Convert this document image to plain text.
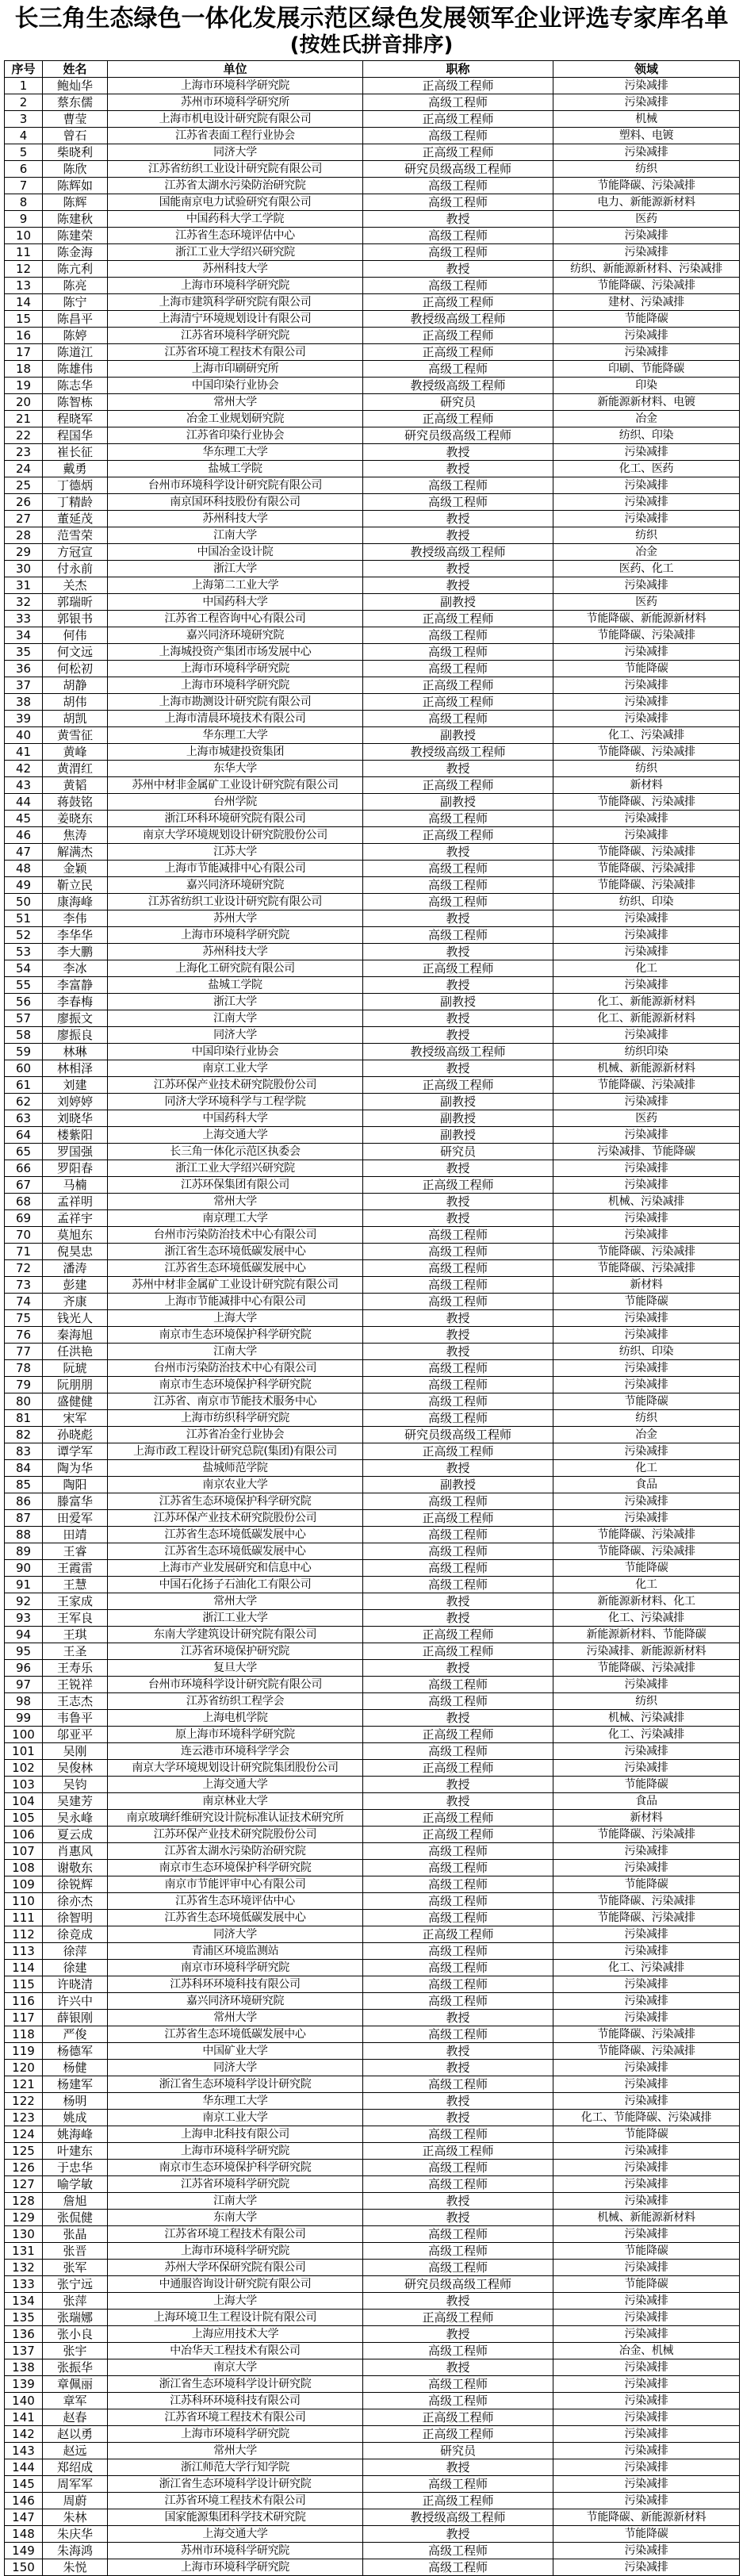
长三角生态绿色一体化发展示范区绿色发展领军企业评选专家库名单
(按姓氏拼音排序)
序号	姓名	单位	职称	领域
1	鲍灿华	上海市环境科学研究院	正高级工程师	污染减排
2	蔡东儒	苏州市环境科学研究所	高级工程师	污染减排
3	曹莹	上海市机电设计研究院有限公司	正高级工程师	机械
4	曾石	江苏省表面工程行业协会	高级工程师	塑料、电镀
5	柴晓利	同济大学	正高级工程师	污染减排
6	陈欣	江苏省纺织工业设计研究院有限公司	研究员级高级工程师	纺织
7	陈辉如	江苏省太湖水污染防治研究院	高级工程师	节能降碳、污染减排
8	陈辉	国能南京电力试验研究有限公司	高级工程师	电力、新能源新材料
9	陈建秋	中国药科大学工学院	教授	医药
10	陈建荣	江苏省生态环境评估中心	高级工程师	污染减排
11	陈金海	浙江工业大学绍兴研究院	高级工程师	污染减排
12	陈亢利	苏州科技大学	教授	纺织、新能源新材料、污染减排
13	陈亮	上海市环境科学研究院	高级工程师	节能降碳、污染减排
14	陈宁	上海市建筑科学研究院有限公司	正高级工程师	建材、污染减排
15	陈昌平	上海清宁环境规划设计有限公司	教授级高级工程师	节能降碳
16	陈婷	江苏省环境科学研究院	正高级工程师	污染减排
17	陈道江	江苏省环境工程技术有限公司	正高级工程师	污染减排
18	陈雄伟	上海市印刷研究所	高级工程师	印刷、节能降碳
19	陈志华	中国印染行业协会	教授级高级工程师	印染
20	陈智栋	常州大学	研究员	新能源新材料、电镀
21	程晓军	冶金工业规划研究院	正高级工程师	冶金
22	程国华	江苏省印染行业协会	研究员级高级工程师	纺织、印染
23	崔长征	华东理工大学	教授	污染减排
24	戴勇	盐城工学院	教授	化工、医药
25	丁德炳	台州市环境科学设计研究院有限公司	高级工程师	污染减排
26	丁精龄	南京国环科技股份有限公司	高级工程师	污染减排
27	董延茂	苏州科技大学	教授	污染减排
28	范雪荣	江南大学	教授	纺织
29	方冠宣	中国冶金设计院	教授级高级工程师	冶金
30	付永前	浙江大学	教授	医药、化工
31	关杰	上海第二工业大学	教授	污染减排
32	郭瑞昕	中国药科大学	副教授	医药
33	郭银书	江苏省工程咨询中心有限公司	正高级工程师	节能降碳、新能源新材料
34	何伟	嘉兴同济环境研究院	高级工程师	节能降碳、污染减排
35	何文远	上海城投资产集团市场发展中心	高级工程师	污染减排
36	何松初	上海市环境科学研究院	高级工程师	节能降碳
37	胡静	上海市环境科学研究院	正高级工程师	污染减排
38	胡伟	上海市勘测设计研究院有限公司	正高级工程师	污染减排
39	胡凯	上海市清晨环境技术有限公司	高级工程师	污染减排
40	黄雪征	华东理工大学	副教授	化工、污染减排
41	黄峰	上海市城建投资集团	教授级高级工程师	节能降碳、污染减排
42	黄渭红	东华大学	教授	纺织
43	黄韬	苏州中材非金属矿工业设计研究院有限公司	正高级工程师	新材料
44	蒋鼓铭	台州学院	副教授	节能降碳、污染减排
45	姜晓东	浙江环科环境研究院有限公司	高级工程师	污染减排
46	焦涛	南京大学环境规划设计研究院股份公司	正高级工程师	污染减排
47	解满杰	江苏大学	教授	节能降碳、污染减排
48	金颖	上海市节能减排中心有限公司	高级工程师	节能降碳、污染减排
49	靳立民	嘉兴同济环境研究院	高级工程师	节能降碳、污染减排
50	康海峰	江苏省纺织工业设计研究院有限公司	高级工程师	纺织、印染
51	李伟	苏州大学	教授	污染减排
52	李华华	上海市环境科学研究院	高级工程师	污染减排
53	李大鹏	苏州科技大学	教授	污染减排
54	李冰	上海化工研究院有限公司	正高级工程师	化工
55	李富静	盐城工学院	教授	污染减排
56	李春梅	浙江大学	副教授	化工、新能源新材料
57	廖振文	江南大学	教授	化工、新能源新材料
58	廖振良	同济大学	教授	污染减排
59	林琳	中国印染行业协会	教授级高级工程师	纺织印染
60	林相泽	南京工业大学	教授	机械、新能源新材料
61	刘建	江苏环保产业技术研究院股份公司	正高级工程师	节能降碳、污染减排
62	刘婷婷	同济大学环境科学与工程学院	副教授	污染减排
63	刘晓华	中国药科大学	副教授	医药
64	楼紫阳	上海交通大学	副教授	污染减排
65	罗国强	长三角一体化示范区执委会	研究员	污染减排、节能降碳
66	罗阳春	浙江工业大学绍兴研究院	教授	污染减排
67	马楠	江苏环保集团有限公司	正高级工程师	污染减排
68	孟祥明	常州大学	教授	机械、污染减排
69	孟祥宇	南京理工大学	教授	污染减排
70	莫旭东	台州市污染防治技术中心有限公司	高级工程师	污染减排
71	倪昊忠	浙江省生态环境低碳发展中心	高级工程师	节能降碳、污染减排
72	潘涛	江苏省生态环境低碳发展中心	高级工程师	节能降碳、污染减排
73	彭建	苏州中材非金属矿工业设计研究院有限公司	高级工程师	新材料
74	齐康	上海市节能减排中心有限公司	高级工程师	节能降碳
75	钱光人	上海大学	教授	污染减排
76	秦海旭	南京市生态环境保护科学研究院	教授	污染减排
77	任洪艳	江南大学	教授	纺织、印染
78	阮琥	台州市污染防治技术中心有限公司	高级工程师	污染减排
79	阮朋朋	南京市生态环境保护科学研究院	高级工程师	污染减排
80	盛健健	江苏省、南京市节能技术服务中心	高级工程师	节能降碳
81	宋军	上海市纺织科学研究院	高级工程师	纺织
82	孙晓彪	江苏省冶金行业协会	研究员级高级工程师	冶金
83	谭学军	上海市政工程设计研究总院(集团)有限公司	正高级工程师	污染减排
84	陶为华	盐城师范学院	教授	化工
85	陶阳	南京农业大学	副教授	食品
86	滕富华	江苏省生态环境保护科学研究院	高级工程师	污染减排
87	田爱军	江苏环保产业技术研究院股份公司	正高级工程师	污染减排
88	田靖	江苏省生态环境低碳发展中心	高级工程师	节能降碳、污染减排
89	王睿	江苏省生态环境低碳发展中心	高级工程师	节能降碳、污染减排
90	王霞雷	上海市产业发展研究和信息中心	高级工程师	节能降碳
91	王慧	中国石化扬子石油化工有限公司	高级工程师	化工
92	王家成	常州大学	教授	新能源新材料、化工
93	王军良	浙江工业大学	教授	化工、污染减排
94	王琪	东南大学建筑设计研究院有限公司	正高级工程师	新能源新材料、节能降碳
95	王圣	江苏省环境保护研究院	正高级工程师	污染减排、新能源新材料
96	王寿乐	复旦大学	教授	节能降碳、污染减排
97	王锐祥	台州市环境科学设计研究院有限公司	高级工程师	污染减排
98	王志杰	江苏省纺织工程学会	高级工程师	纺织
99	韦鲁平	上海电机学院	教授	机械、污染减排
100	邬亚平	原上海市环境科学研究院	正高级工程师	化工、污染减排
101	吴刚	连云港市环境科学学会	高级工程师	污染减排
102	吴俊林	南京大学环境规划设计研究院集团股份公司	正高级工程师	污染减排
103	吴钧	上海交通大学	教授	节能降碳
104	吴建芳	南京林业大学	教授	食品
105	吴永峰	南京玻璃纤维研究设计院标准认证技术研究所	正高级工程师	新材料
106	夏云成	江苏环保产业技术研究院股份公司	正高级工程师	节能降碳、污染减排
107	肖惠风	江苏省太湖水污染防治研究院	高级工程师	污染减排
108	谢敬东	南京市生态环境保护科学研究院	高级工程师	污染减排
109	徐锐辉	南京市节能评审中心有限公司	高级工程师	节能降碳
110	徐亦杰	江苏省生态环境评估中心	高级工程师	节能降碳、污染减排
111	徐智明	江苏省生态环境低碳发展中心	高级工程师	节能降碳、污染减排
112	徐竞成	同济大学	正高级工程师	污染减排
113	徐萍	青浦区环境监测站	高级工程师	污染减排
114	徐建	南京市环境科学研究院	高级工程师	化工、污染减排
115	许晓清	江苏科环环境科技有限公司	高级工程师	污染减排
116	许兴中	嘉兴同济环境研究院	高级工程师	污染减排
117	薛银刚	常州大学	教授	污染减排
118	严俊	江苏省生态环境低碳发展中心	高级工程师	节能降碳、污染减排
119	杨德军	中国矿业大学	教授	节能降碳、污染减排
120	杨健	同济大学	教授	污染减排
121	杨建军	浙江省生态环境科学设计研究院	高级工程师	污染减排
122	杨明	华东理工大学	教授	污染减排
123	姚成	南京工业大学	教授	化工、节能降碳、污染减排
124	姚海峰	上海申北科技有限公司	高级工程师	节能降碳
125	叶建东	上海市环境科学研究院	正高级工程师	污染减排
126	于忠华	南京市生态环境保护科学研究院	高级工程师	污染减排
127	喻学敏	江苏省环境科学研究院	高级工程师	污染减排
128	詹旭	江南大学	教授	污染减排
129	张侃健	东南大学	教授	机械、新能源新材料
130	张晶	江苏省环境工程技术有限公司	高级工程师	污染减排
131	张晋	上海市环境科学研究院	高级工程师	节能降碳
132	张军	苏州大学环保研究院有限公司	高级工程师	污染减排
133	张宁远	中通服咨询设计研究院有限公司	研究员级高级工程师	节能降碳
134	张萍	上海大学	教授	污染减排
135	张瑞娜	上海环境卫生工程设计院有限公司	正高级工程师	污染减排
136	张小良	上海应用技术大学	教授	污染减排
137	张宇	中冶华天工程技术有限公司	高级工程师	冶金、机械
138	张振华	南京大学	教授	污染减排
139	章佩丽	浙江省生态环境科学设计研究院	高级工程师	污染减排
140	章军	江苏科环环境科技有限公司	高级工程师	污染减排
141	赵春	江苏省环境工程技术有限公司	正高级工程师	污染减排
142	赵以勇	上海市环境科学研究院	正高级工程师	污染减排
143	赵远	常州大学	研究员	污染减排
144	郑绍成	浙江师范大学行知学院	教授	污染减排
145	周军军	浙江省生态环境科学设计研究院	高级工程师	污染减排
146	周蔚	江苏省环境工程技术有限公司	正高级工程师	污染减排
147	朱林	国家能源集团科学技术研究院	教授级高级工程师	节能降碳、新能源新材料
148	朱庆华	上海交通大学	教授	节能降碳
149	朱海鸿	苏州市环境科学研究院	高级工程师	污染减排
150	朱悦	上海市环境科学研究院	高级工程师	污染减排
